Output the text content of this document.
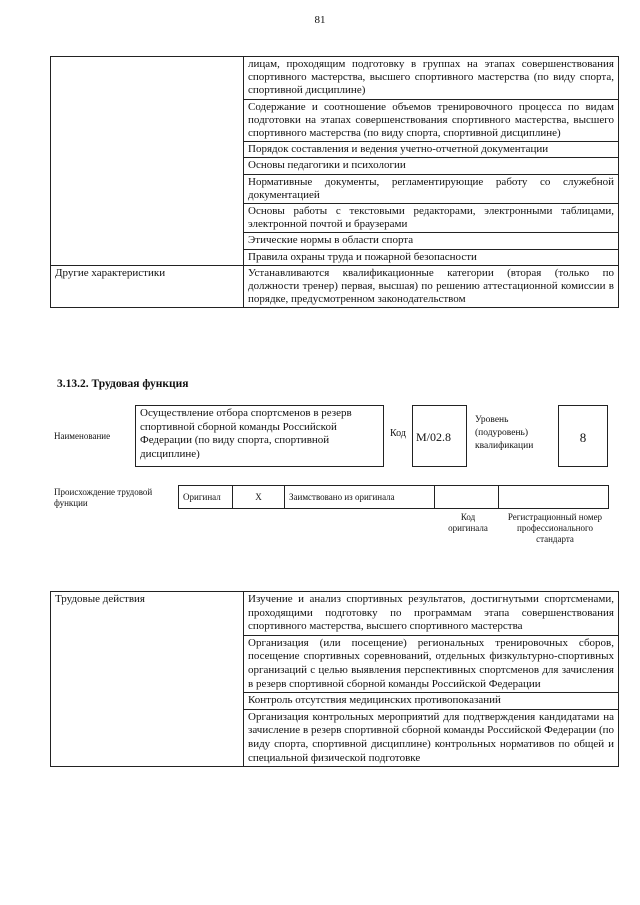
81
	лицам, проходящим подготовку в группах на этапах совершенствования спортивного мастерства, высшего спортивного мастерства (по виду спорта, спортивной дисциплине)
	Содержание и соотношение объемов тренировочного процесса по видам подготовки на этапах совершенствования спортивного мастерства, высшего спортивного мастерства (по виду спорта, спортивной дисциплине)
	Порядок составления и ведения учетно-отчетной документации
	Основы педагогики и психологии
	Нормативные документы, регламентирующие работу со служебной документацией
	Основы работы с текстовыми редакторами, электронными таблицами, электронной почтой и браузерами
	Этические нормы в области спорта
	Правила охраны труда и пожарной безопасности
Другие характеристики	Устанавливаются квалификационные категории (вторая (только по должности тренер) первая, высшая) по решению аттестационной комиссии в порядке, предусмотренном законодательством
3.13.2. Трудовая функция
Наименование
Осуществление отбора спортсменов в резерв спортивной сборной команды Российской Федерации (по виду спорта, спортивной дисциплине)
Код М/02.8
Уровень (подуровень) квалификации
8
Происхождение трудовой функции
Оригинал	X	Заимствовано из оригинала		
Код оригинала
Регистрационный номер профессионального стандарта
Трудовые действия	Изучение и анализ спортивных результатов, достигнутыми спортсменами, проходящими подготовку по программам этапа совершенствования спортивного мастерства, высшего спортивного мастерства
Организация (или посещение) региональных тренировочных сборов, посещение спортивных соревнований, отдельных физкультурно-спортивных организаций с целью выявления перспективных спортсменов для зачисления в резерв спортивной сборной команды Российской Федерации
Контроль отсутствия медицинских противопоказаний
Организация контрольных мероприятий для подтверждения кандидатами на зачисление в резерв спортивной сборной команды Российской Федерации (по виду спорта, спортивной дисциплине) контрольных нормативов по общей и специальной физической подготовке
